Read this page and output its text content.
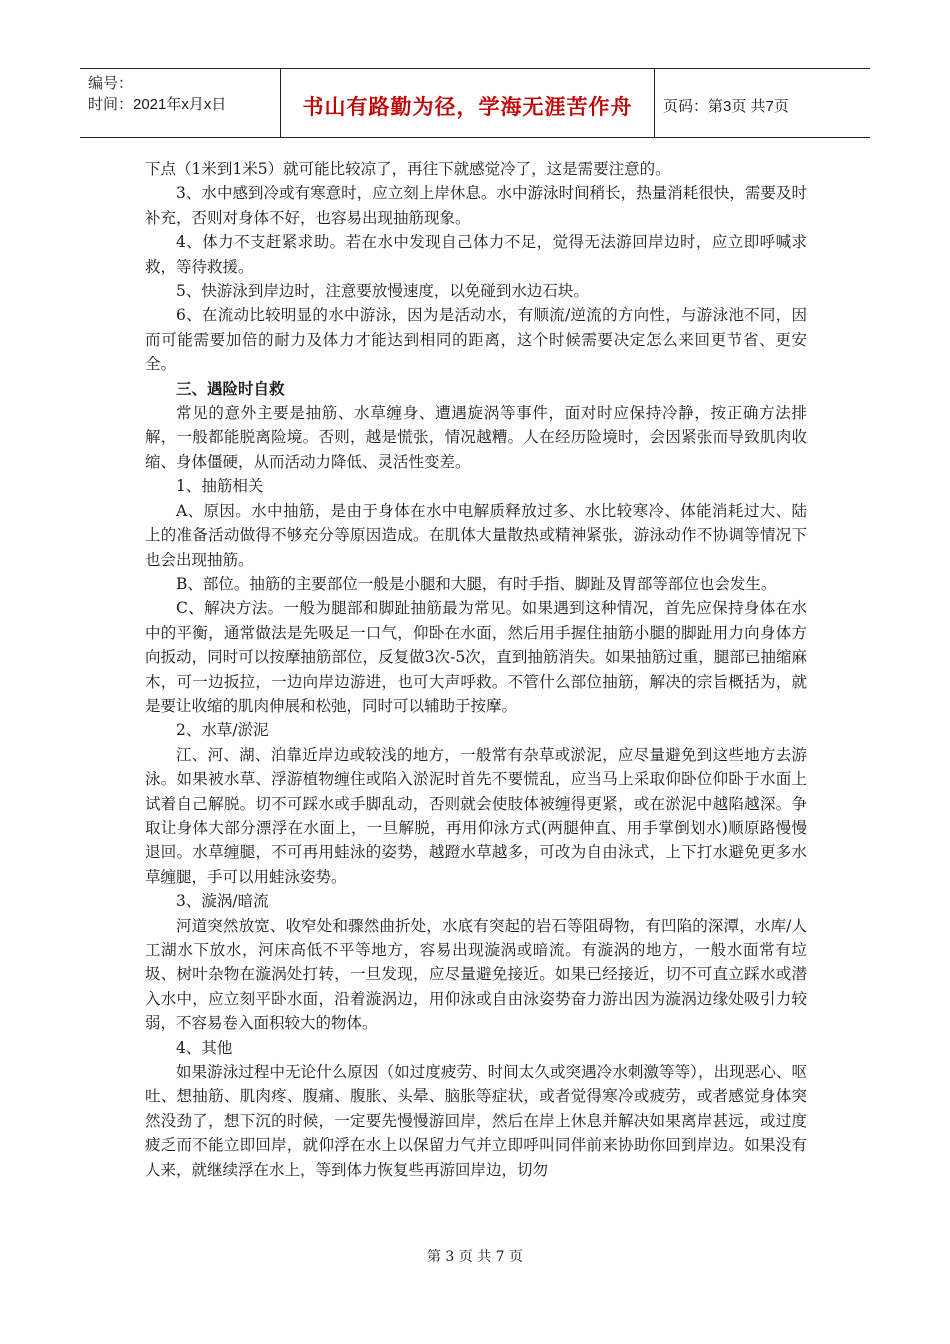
编号：
时间：2021年x月x日	书山有路勤为径，学海无涯苦作舟	页码：第3页 共7页

下点（1米到1米5）就可能比较凉了，再往下就感觉冷了，这是需要注意的。

3、水中感到冷或有寒意时，应立刻上岸休息。水中游泳时间稍长，热量消耗很快，需要及时补充，否则对身体不好，也容易出现抽筋现象。

4、体力不支赶紧求助。若在水中发现自己体力不足，觉得无法游回岸边时，应立即呼喊求救，等待救援。

5、快游泳到岸边时，注意要放慢速度，以免碰到水边石块。

6、在流动比较明显的水中游泳，因为是活动水，有顺流/逆流的方向性，与游泳池不同，因而可能需要加倍的耐力及体力才能达到相同的距离，这个时候需要决定怎么来回更节省、更安全。

三、遇险时自救

常见的意外主要是抽筋、水草缠身、遭遇旋涡等事件，面对时应保持冷静，按正确方法排解，一般都能脱离险境。否则，越是慌张，情况越糟。人在经历险境时，会因紧张而导致肌肉收缩、身体僵硬，从而活动力降低、灵活性变差。

1、抽筋相关

A、原因。水中抽筋，是由于身体在水中电解质释放过多、水比较寒冷、体能消耗过大、陆上的准备活动做得不够充分等原因造成。在肌体大量散热或精神紧张，游泳动作不协调等情况下也会出现抽筋。

B、部位。抽筋的主要部位一般是小腿和大腿，有时手指、脚趾及胃部等部位也会发生。

C、解决方法。一般为腿部和脚趾抽筋最为常见。如果遇到这种情况，首先应保持身体在水中的平衡，通常做法是先吸足一口气，仰卧在水面，然后用手握住抽筋小腿的脚趾用力向身体方向扳动，同时可以按摩抽筋部位，反复做3次-5次，直到抽筋消失。如果抽筋过重，腿部已抽缩麻木，可一边扳拉，一边向岸边游进，也可大声呼救。不管什么部位抽筋，解决的宗旨概括为，就是要让收缩的肌肉伸展和松弛，同时可以辅助于按摩。

2、水草/淤泥

江、河、湖、泊靠近岸边或较浅的地方，一般常有杂草或淤泥，应尽量避免到这些地方去游泳。如果被水草、浮游植物缠住或陷入淤泥时首先不要慌乱，应当马上采取仰卧位仰卧于水面上试着自己解脱。切不可踩水或手脚乱动，否则就会使肢体被缠得更紧，或在淤泥中越陷越深。争取让身体大部分漂浮在水面上，一旦解脱，再用仰泳方式(两腿伸直、用手掌倒划水)顺原路慢慢退回。水草缠腿，不可再用蛙泳的姿势，越蹬水草越多，可改为自由泳式，上下打水避免更多水草缠腿，手可以用蛙泳姿势。

3、漩涡/暗流

河道突然放宽、收窄处和骤然曲折处，水底有突起的岩石等阻碍物，有凹陷的深潭，水库/人工湖水下放水，河床高低不平等地方，容易出现漩涡或暗流。有漩涡的地方，一般水面常有垃圾、树叶杂物在漩涡处打转，一旦发现，应尽量避免接近。如果已经接近，切不可直立踩水或潜入水中，应立刻平卧水面，沿着漩涡边，用仰泳或自由泳姿势奋力游出因为漩涡边缘处吸引力较弱，不容易卷入面积较大的物体。

4、其他

如果游泳过程中无论什么原因（如过度疲劳、时间太久或突遇冷水刺激等等），出现恶心、呕吐、想抽筋、肌肉疼、腹痛、腹胀、头晕、脑胀等症状，或者觉得寒冷或疲劳，或者感觉身体突然没劲了，想下沉的时候，一定要先慢慢游回岸，然后在岸上休息并解决如果离岸甚远，或过度疲乏而不能立即回岸，就仰浮在水上以保留力气并立即呼叫同伴前来协助你回到岸边。如果没有人来，就继续浮在水上，等到体力恢复些再游回岸边，切勿

第 3 页 共 7 页
